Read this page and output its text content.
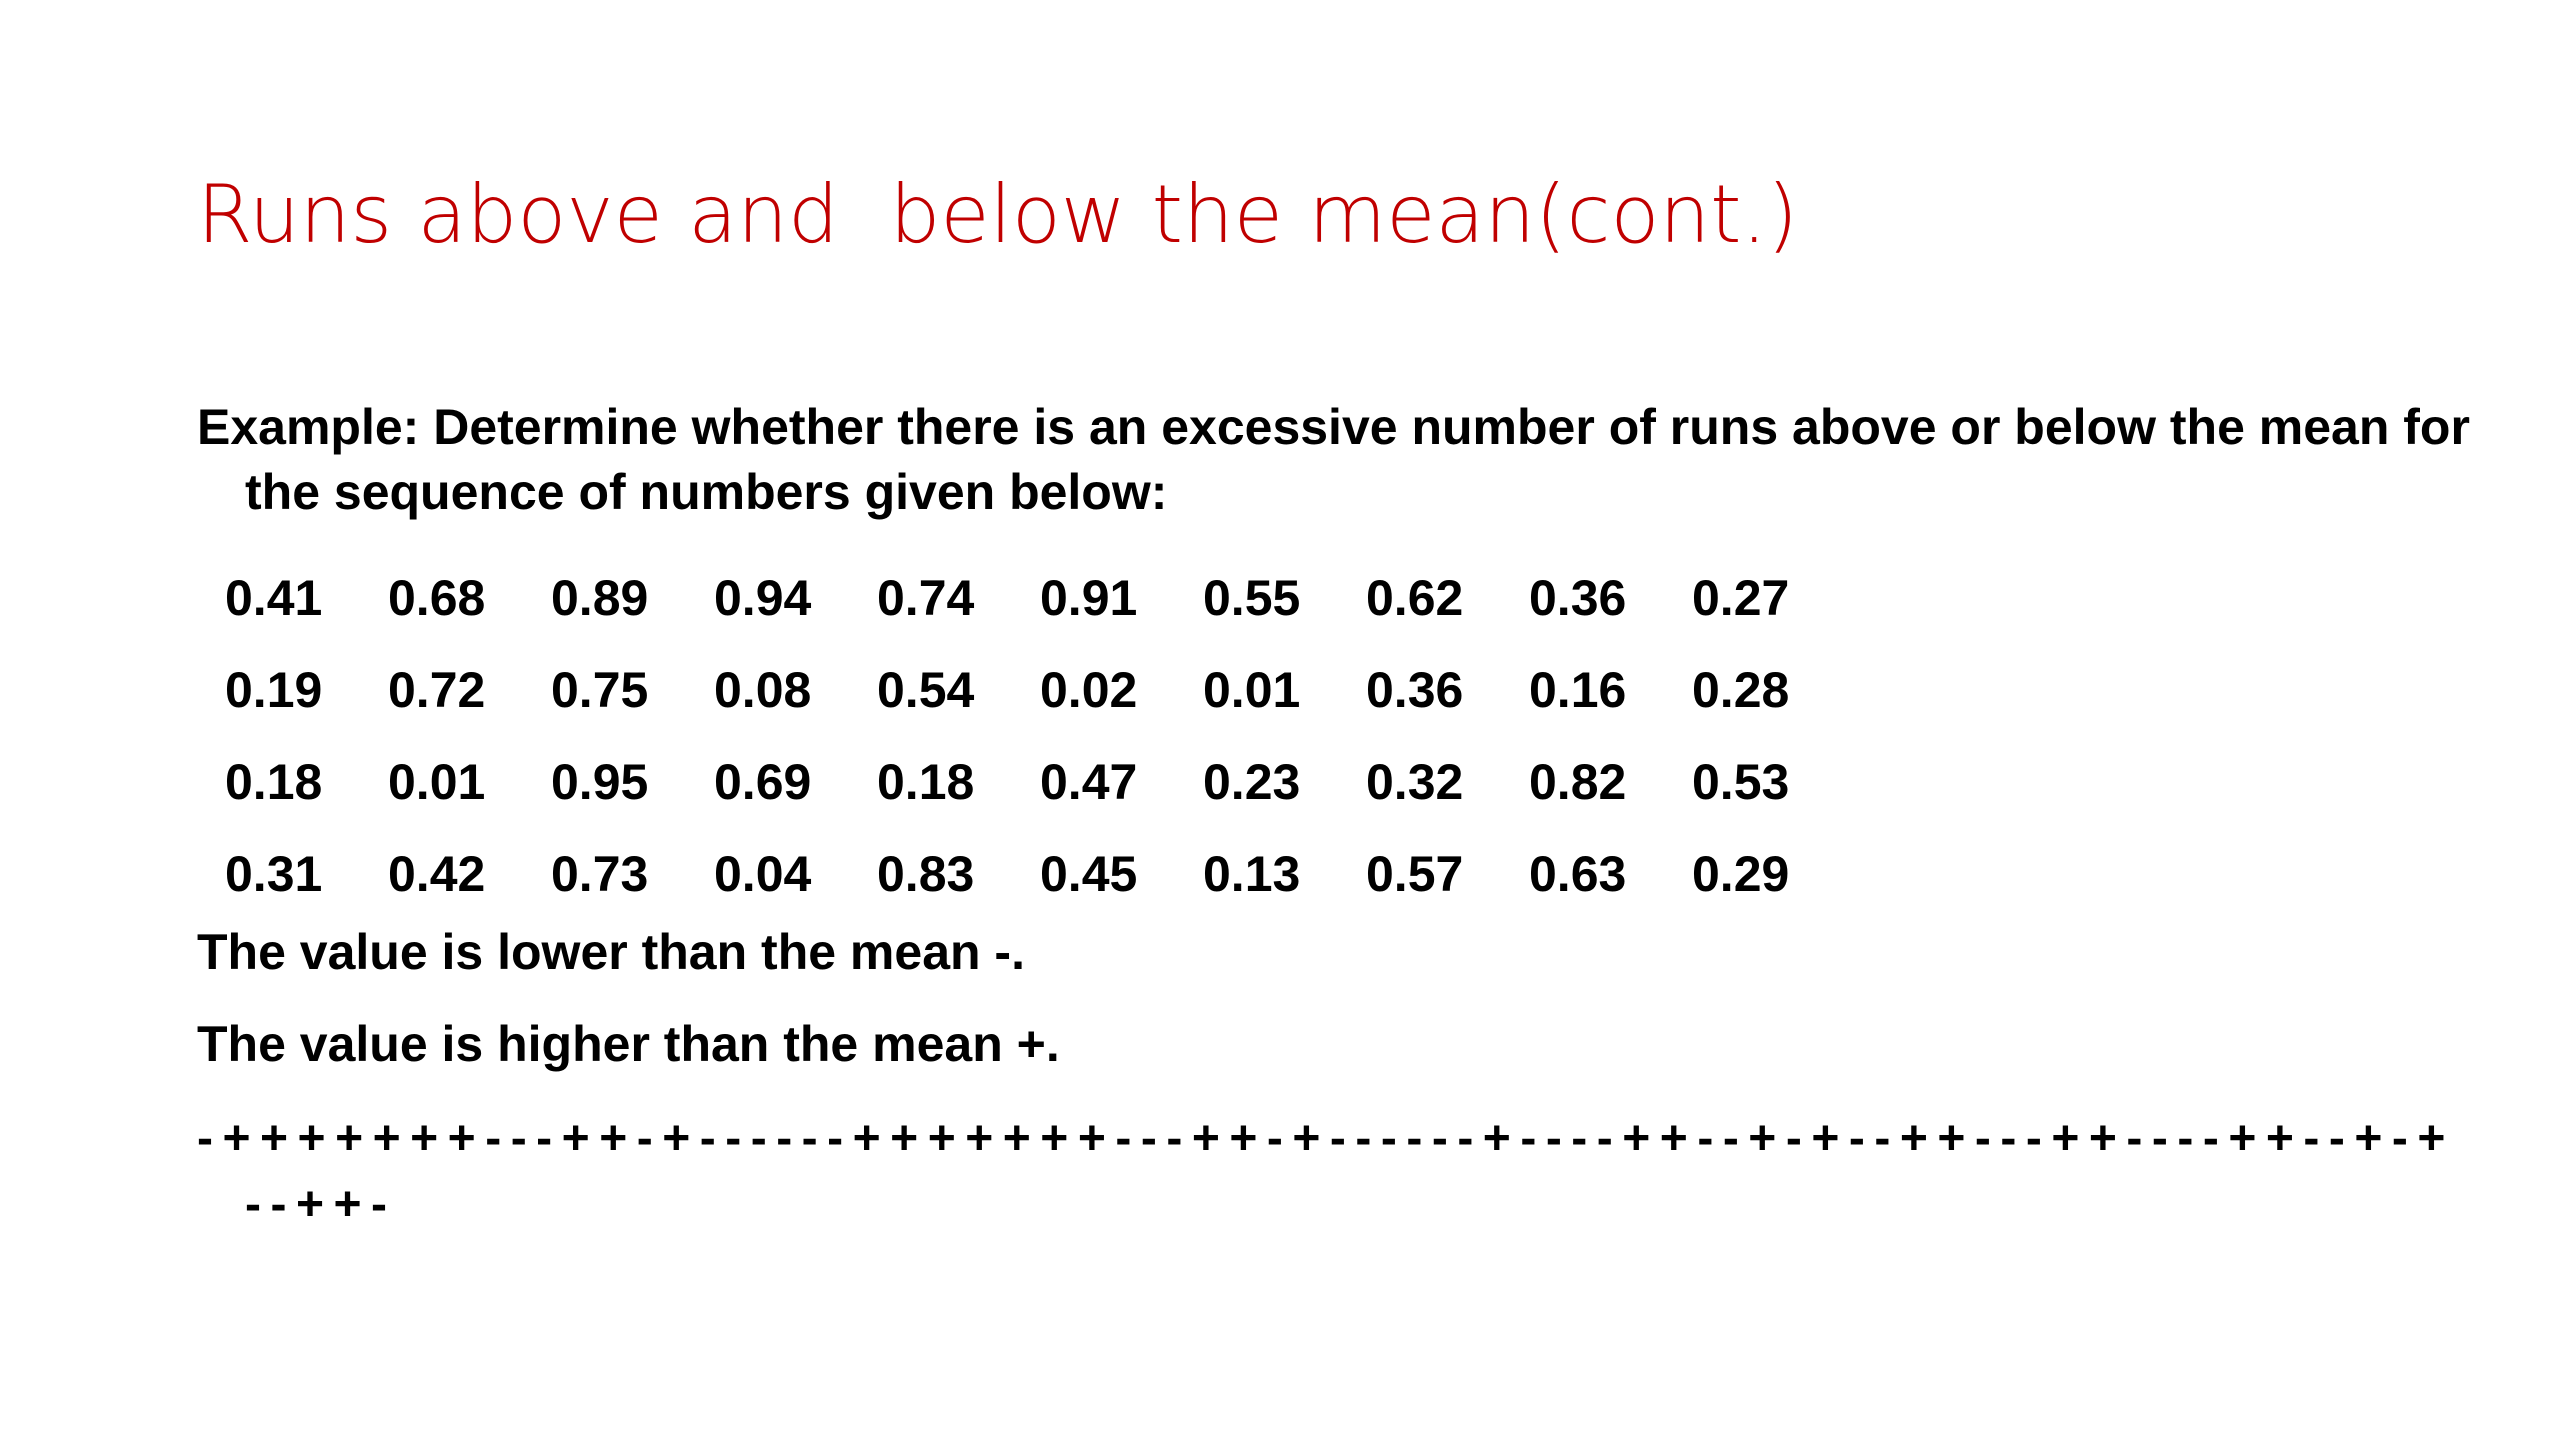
Runs above and  below the mean(cont.)
Example: Determine whether there is an excessive number of runs above or below the mean for the sequence of numbers given below:
0.41	0.68	0.89	0.94	0.74	0.91	0.55	0.62	0.36	0.27
0.19	0.72	0.75	0.08	0.54	0.02	0.01	0.36	0.16	0.28
0.18	0.01	0.95	0.69	0.18	0.47	0.23	0.32	0.82	0.53
0.31	0.42	0.73	0.04	0.83	0.45	0.13	0.57	0.63	0.29
The value is lower than the mean -.
The value is higher than the mean +.
-+++++++---++-+------+++++++---++-+------+----++--+-+--++---++----++--+-+--++-
